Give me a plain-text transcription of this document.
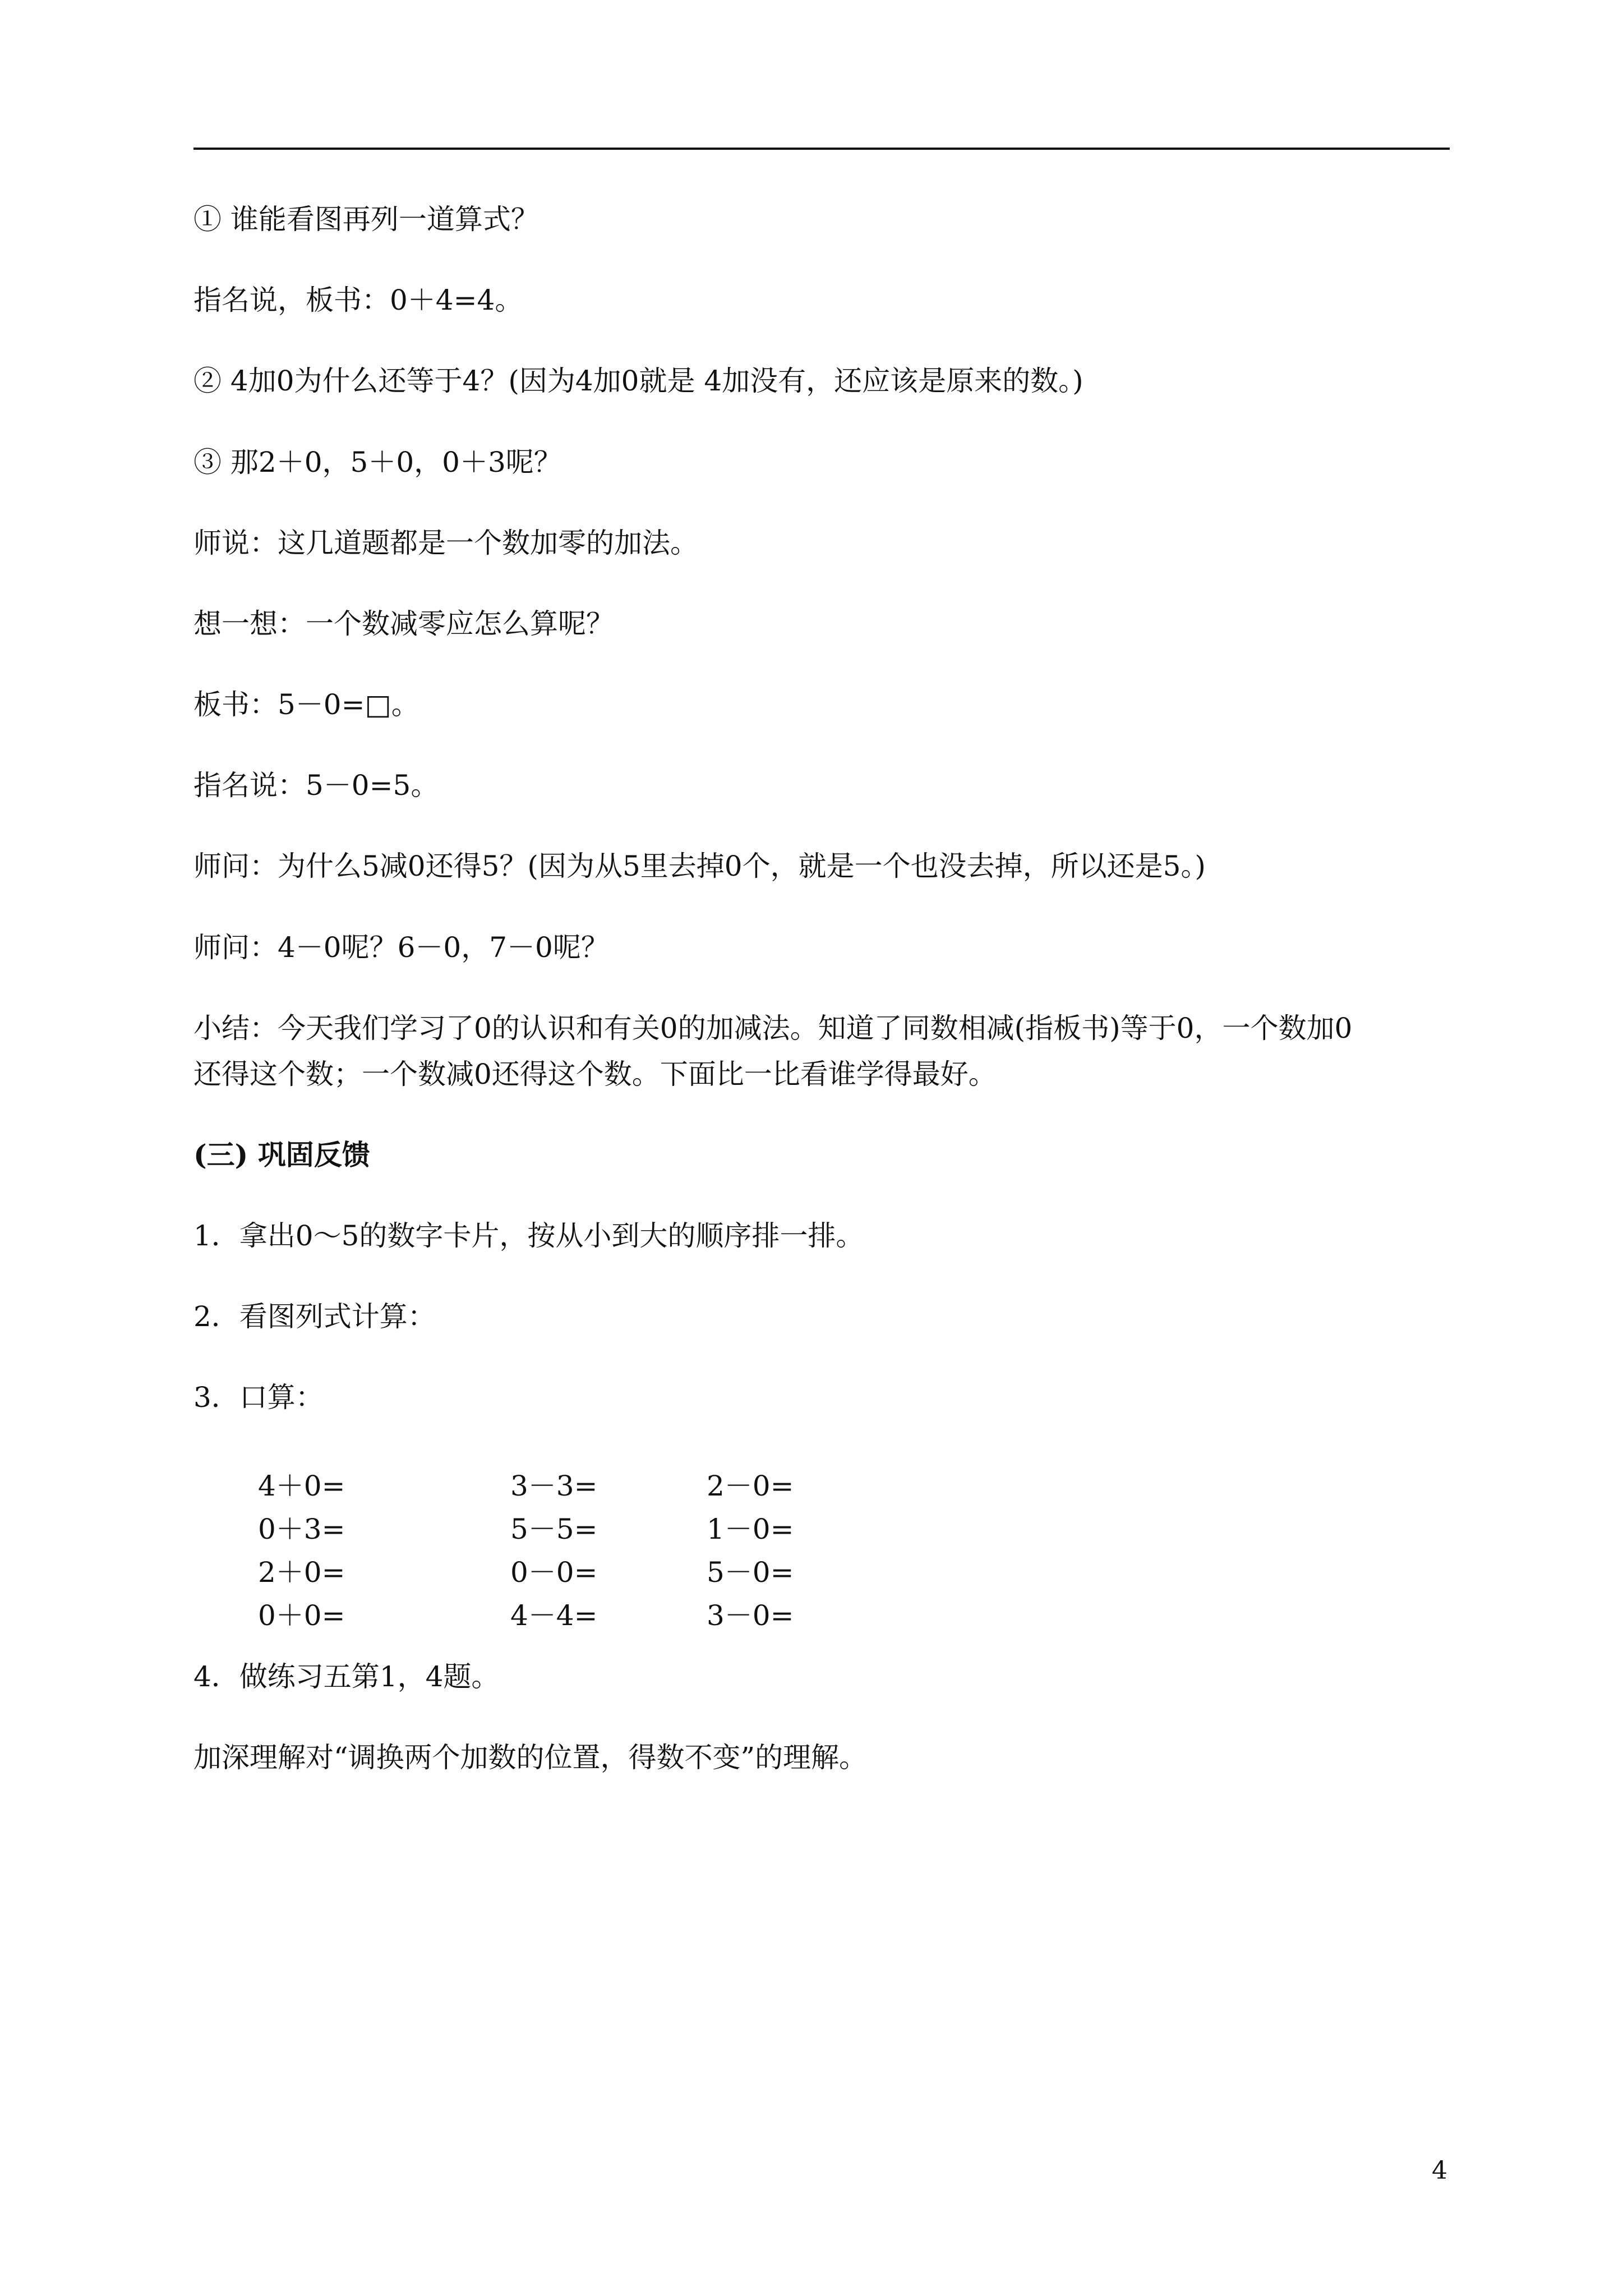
① 谁能看图再列一道算式？
指名说，板书：0＋4=4。
② 4加0为什么还等于4？(因为4加0就是 4加没有，还应该是原来的数。)
③ 那2＋0，5＋0，0＋3呢？
师说：这几道题都是一个数加零的加法。
想一想：一个数减零应怎么算呢？
板书：5－0=□。
指名说：5－0=5。
师问：为什么5减0还得5？(因为从5里去掉0个，就是一个也没去掉，所以还是5。)
师问：4－0呢？6－0，7－0呢？
小结：今天我们学习了0的认识和有关0的加减法。知道了同数相减(指板书)等于0，一个数加0
还得这个数；一个数减0还得这个数。下面比一比看谁学得最好。
(三) 巩固反馈
1．拿出0～5的数字卡片，按从小到大的顺序排一排。
2．看图列式计算：
3．口算：
4＋0=	3－3=	2－0=
0＋3=	5－5=	1－0=
2＋0=	0－0=	5－0=
0＋0=	4－4=	3－0=
4．做练习五第1，4题。
加深理解对“调换两个加数的位置，得数不变”的理解。
4
